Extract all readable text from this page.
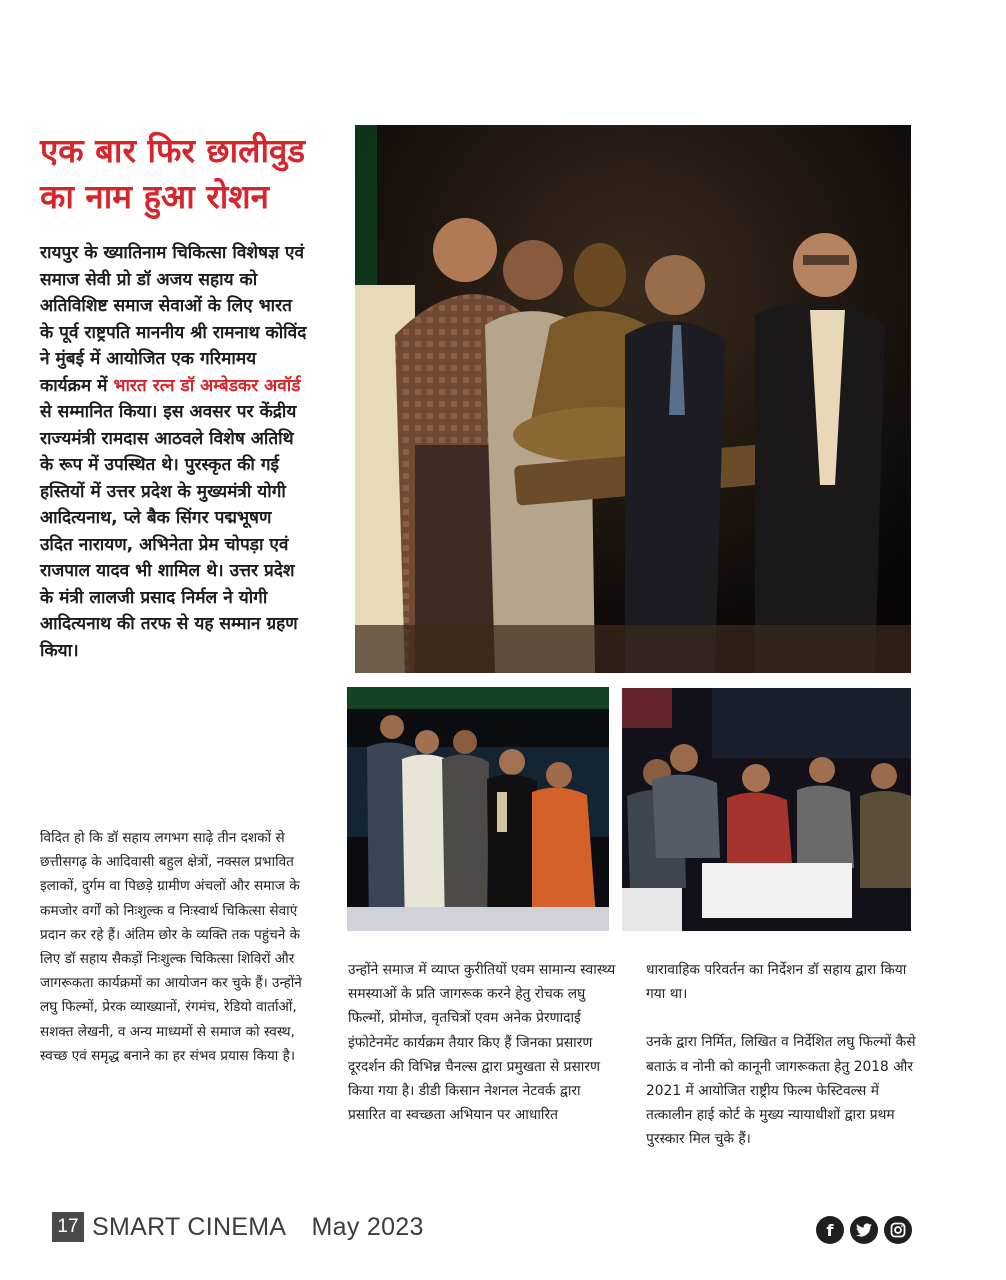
एक बार फिर छालीवुड
का नाम हुआ रोशन

रायपुर के ख्यातिनाम चिकित्सा विशेषज्ञ एवं समाज सेवी प्रो डॉ अजय सहाय को अतिविशिष्ट समाज सेवाओं के लिए भारत के पूर्व राष्ट्रपति माननीय श्री रामनाथ कोविंद ने मुंबई में आयोजित एक गरिमामय कार्यक्रम में भारत रत्न डॉ अम्बेडकर अवॉर्ड से सम्मानित किया। इस अवसर पर केंद्रीय राज्यमंत्री रामदास आठवले विशेष अतिथि के रूप में उपस्थित थे। पुरस्कृत की गई हस्तियों में उत्तर प्रदेश के मुख्यमंत्री योगी आदित्यनाथ, प्ले बैक सिंगर पद्मभूषण उदित नारायण, अभिनेता प्रेम चोपड़ा एवं राजपाल यादव भी शामिल थे। उत्तर प्रदेश के मंत्री लालजी प्रसाद निर्मल ने योगी आदित्यनाथ की तरफ से यह सम्मान ग्रहण किया।

विदित हो कि डॉ सहाय लगभग साढ़े तीन दशकों से छत्तीसगढ़ के आदिवासी बहुल क्षेत्रों, नक्सल प्रभावित इलाकों, दुर्गम वा पिछड़े ग्रामीण अंचलों और समाज के कमजोर वर्गों को निःशुल्क व निःस्वार्थ चिकित्सा सेवाएं प्रदान कर रहे हैं। अंतिम छोर के व्यक्ति तक पहुंचने के लिए डॉ सहाय सैकड़ों निःशुल्क चिकित्सा शिविरों और जागरूकता कार्यक्रमों का आयोजन कर चुके हैं। उन्होंने लघु फिल्मों, प्रेरक व्याख्यानों, रंगमंच, रेडियो वार्ताओं, सशक्त लेखनी, व अन्य माध्यमों से समाज को स्वस्थ, स्वच्छ एवं समृद्ध बनाने का हर संभव प्रयास किया है।

उन्होंने समाज में व्याप्त कुरीतियों एवम सामान्य स्वास्थ्य समस्याओं के प्रति जागरूक करने हेतु रोचक लघु फिल्मों, प्रोमोज, वृतचित्रों एवम अनेक प्रेरणादाई इंफोटेनमेंट कार्यक्रम तैयार किए हैं जिनका प्रसारण दूरदर्शन की विभिन्न चैनल्स द्वारा प्रमुखता से प्रसारण किया गया है। डीडी किसान नेशनल नेटवर्क द्वारा प्रसारित वा स्वच्छता अभियान पर आधारित

धारावाहिक परिवर्तन का निर्देशन डॉ सहाय द्वारा किया गया था।

उनके द्वारा निर्मित, लिखित व निर्देशित लघु फिल्मों कैसे बताऊं व नोनी को कानूनी जागरूकता हेतु 2018 और 2021 में आयोजित राष्ट्रीय फिल्म फेस्टिवल्स में तत्कालीन हाई कोर्ट के मुख्य न्यायाधीशों द्वारा प्रथम पुरस्कार मिल चुके हैं।

17 SMART CINEMA May 2023	f
